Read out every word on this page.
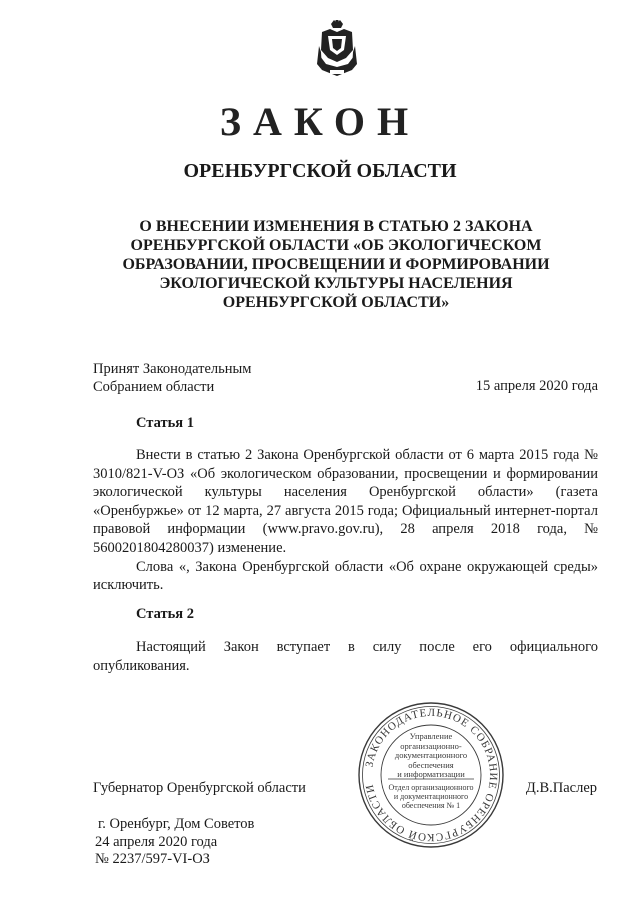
ЗАКОН
ОРЕНБУРГСКОЙ ОБЛАСТИ
О ВНЕСЕНИИ ИЗМЕНЕНИЯ В СТАТЬЮ 2 ЗАКОНА
ОРЕНБУРГСКОЙ ОБЛАСТИ «ОБ ЭКОЛОГИЧЕСКОМ
ОБРАЗОВАНИИ, ПРОСВЕЩЕНИИ И ФОРМИРОВАНИИ
ЭКОЛОГИЧЕСКОЙ КУЛЬТУРЫ НАСЕЛЕНИЯ
ОРЕНБУРГСКОЙ ОБЛАСТИ»
Принят Законодательным
Собранием области	15 апреля 2020 года
Статья 1

Внести в статью 2 Закона Оренбургской области от 6 марта 2015 года № 3010/821-V-ОЗ «Об экологическом образовании, просвещении и формировании экологической культуры населения Оренбургской области» (газета «Оренбуржье» от 12 марта, 27 августа 2015 года; Официальный интернет-портал правовой информации (www.pravo.gov.ru), 28 апреля 2018 года, № 5600201804280037) изменение.

Слова «, Закона Оренбургской области «Об охране окружающей среды» исключить.

Статья 2

Настоящий Закон вступает в силу после его официального опубликования.

ЗАКОНОДАТЕЛЬНОЕ СОБРАНИЕ ОРЕНБУРГСКОЙ ОБЛАСТИ
Управление
организационно-
документационного
обеспечения
и информатизации
Отдел организационного
и документационного
обеспечения № 1
Губернатор Оренбургской области	Д.В.Паслер
г. Оренбург, Дом Советов
24 апреля 2020 года
№ 2237/597-VI-ОЗ
